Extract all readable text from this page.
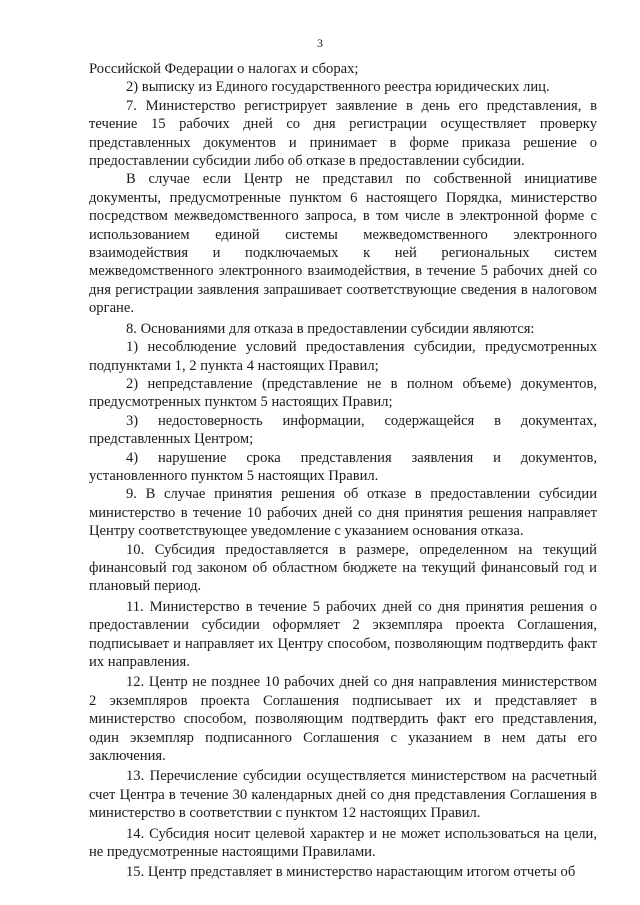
3

Российской Федерации о налогах и сборах;

2) выписку из Единого государственного реестра юридических лиц.

7. Министерство регистрирует заявление в день его представления, в течение 15 рабочих дней со дня регистрации осуществляет проверку представленных документов и принимает в форме приказа решение о предоставлении субсидии либо об отказе в предоставлении субсидии.

В случае если Центр не представил по собственной инициативе документы, предусмотренные пунктом 6 настоящего Порядка, министерство посредством межведомственного запроса, в том числе в электронной форме с использованием единой системы межведомственного электронного взаимодействия и подключаемых к ней региональных систем межведомственного электронного взаимодействия, в течение 5 рабочих дней со дня регистрации заявления запрашивает соответствующие сведения в налоговом органе.

8. Основаниями для отказа в предоставлении субсидии являются:

1) несоблюдение условий предоставления субсидии, предусмотренных подпунктами 1, 2 пункта 4 настоящих Правил;

2) непредставление (представление не в полном объеме) документов, предусмотренных пунктом 5 настоящих Правил;

3) недостоверность информации, содержащейся в документах, представленных Центром;

4) нарушение срока представления заявления и документов, установленного пунктом 5 настоящих Правил.

9. В случае принятия решения об отказе в предоставлении субсидии министерство в течение 10 рабочих дней со дня принятия решения направляет Центру соответствующее уведомление с указанием основания отказа.

10. Субсидия предоставляется в размере, определенном на текущий финансовый год законом об областном бюджете на текущий финансовый год и плановый период.

11. Министерство в течение 5 рабочих дней со дня принятия решения о предоставлении субсидии оформляет 2 экземпляра проекта Соглашения, подписывает и направляет их Центру способом, позволяющим подтвердить факт их направления.

12. Центр не позднее 10 рабочих дней со дня направления министерством 2 экземпляров проекта Соглашения подписывает их и представляет в министерство способом, позволяющим подтвердить факт его представления, один экземпляр подписанного Соглашения с указанием в нем даты его заключения.

13. Перечисление субсидии осуществляется министерством на расчетный счет Центра в течение 30 календарных дней со дня представления Соглашения в министерство в соответствии с пунктом 12 настоящих Правил.

14. Субсидия носит целевой характер и не может использоваться на цели, не предусмотренные настоящими Правилами.

15. Центр представляет в министерство нарастающим итогом отчеты об
